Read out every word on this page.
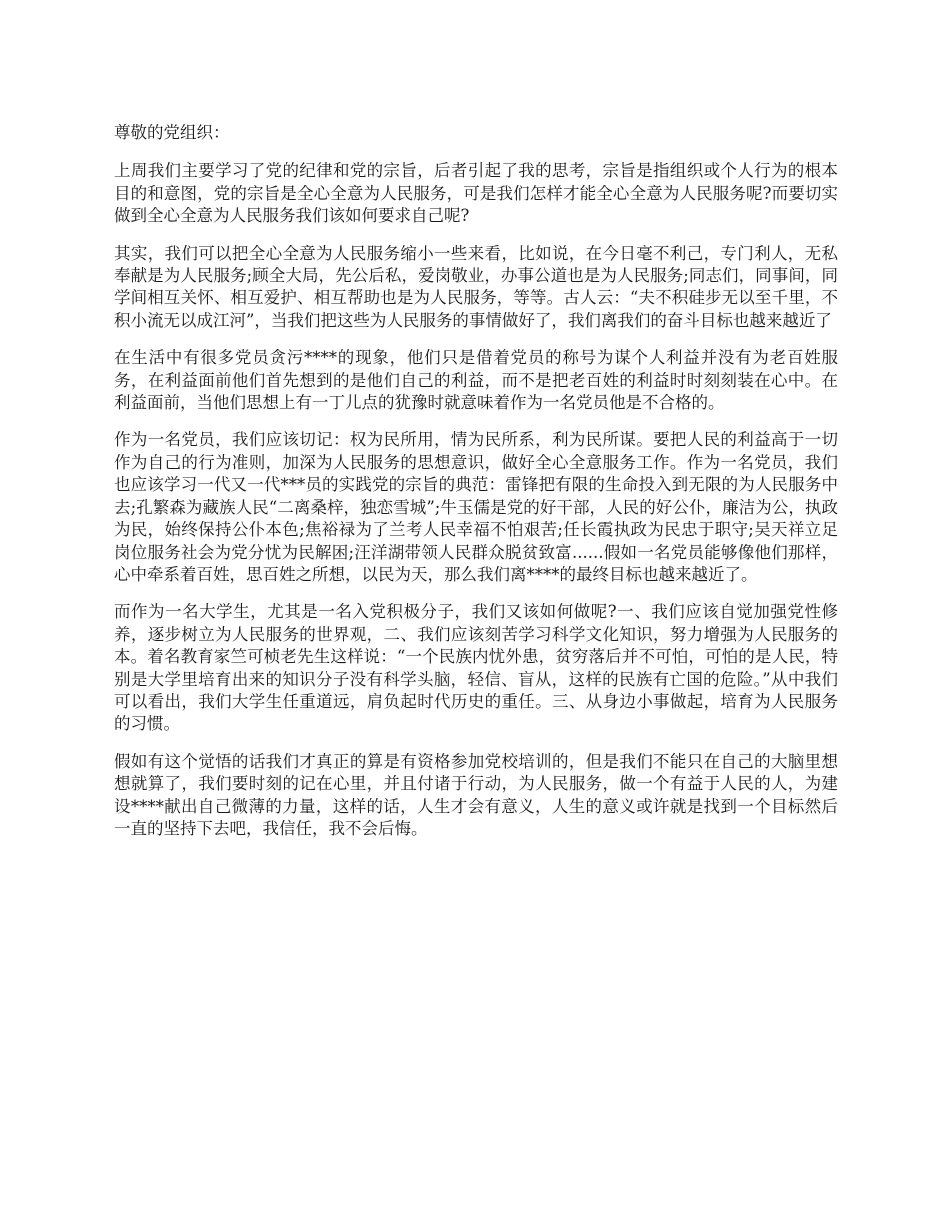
尊敬的党组织：

上周我们主要学习了党的纪律和党的宗旨，后者引起了我的思考，宗旨是指组织或个人行为的根本目的和意图，党的宗旨是全心全意为人民服务，可是我们怎样才能全心全意为人民服务呢?而要切实做到全心全意为人民服务我们该如何要求自己呢?

其实，我们可以把全心全意为人民服务缩小一些来看，比如说，在今日毫不利己，专门利人，无私奉献是为人民服务;顾全大局，先公后私，爱岗敬业，办事公道也是为人民服务;同志们，同事间，同学间相互关怀、相互爱护、相互帮助也是为人民服务，等等。古人云：“夫不积硅步无以至千里，不积小流无以成江河”，当我们把这些为人民服务的事情做好了，我们离我们的奋斗目标也越来越近了

在生活中有很多党员贪污****的现象，他们只是借着党员的称号为谋个人利益并没有为老百姓服务，在利益面前他们首先想到的是他们自己的利益，而不是把老百姓的利益时时刻刻装在心中。在利益面前，当他们思想上有一丁儿点的犹豫时就意味着作为一名党员他是不合格的。

作为一名党员，我们应该切记：权为民所用，情为民所系，利为民所谋。要把人民的利益高于一切作为自己的行为准则，加深为人民服务的思想意识，做好全心全意服务工作。作为一名党员，我们也应该学习一代又一代***员的实践党的宗旨的典范：雷锋把有限的生命投入到无限的为人民服务中去;孔繁森为藏族人民“二离桑梓，独恋雪城”;牛玉儒是党的好干部，人民的好公仆，廉洁为公，执政为民，始终保持公仆本色;焦裕禄为了兰考人民幸福不怕艰苦;任长霞执政为民忠于职守;吴天祥立足岗位服务社会为党分忧为民解困;汪洋湖带领人民群众脱贫致富......假如一名党员能够像他们那样，心中牵系着百姓，思百姓之所想，以民为天，那么我们离****的最终目标也越来越近了。

而作为一名大学生，尤其是一名入党积极分子，我们又该如何做呢?一、我们应该自觉加强党性修养，逐步树立为人民服务的世界观，二、我们应该刻苦学习科学文化知识，努力增强为人民服务的本。着名教育家竺可桢老先生这样说：“一个民族内忧外患，贫穷落后并不可怕，可怕的是人民，特别是大学里培育出来的知识分子没有科学头脑，轻信、盲从，这样的民族有亡国的危险。”从中我们可以看出，我们大学生任重道远，肩负起时代历史的重任。三、从身边小事做起，培育为人民服务的习惯。

假如有这个觉悟的话我们才真正的算是有资格参加党校培训的，但是我们不能只在自己的大脑里想想就算了，我们要时刻的记在心里，并且付诸于行动，为人民服务，做一个有益于人民的人，为建设****献出自己微薄的力量，这样的话，人生才会有意义，人生的意义或许就是找到一个目标然后一直的坚持下去吧，我信任，我不会后悔。
